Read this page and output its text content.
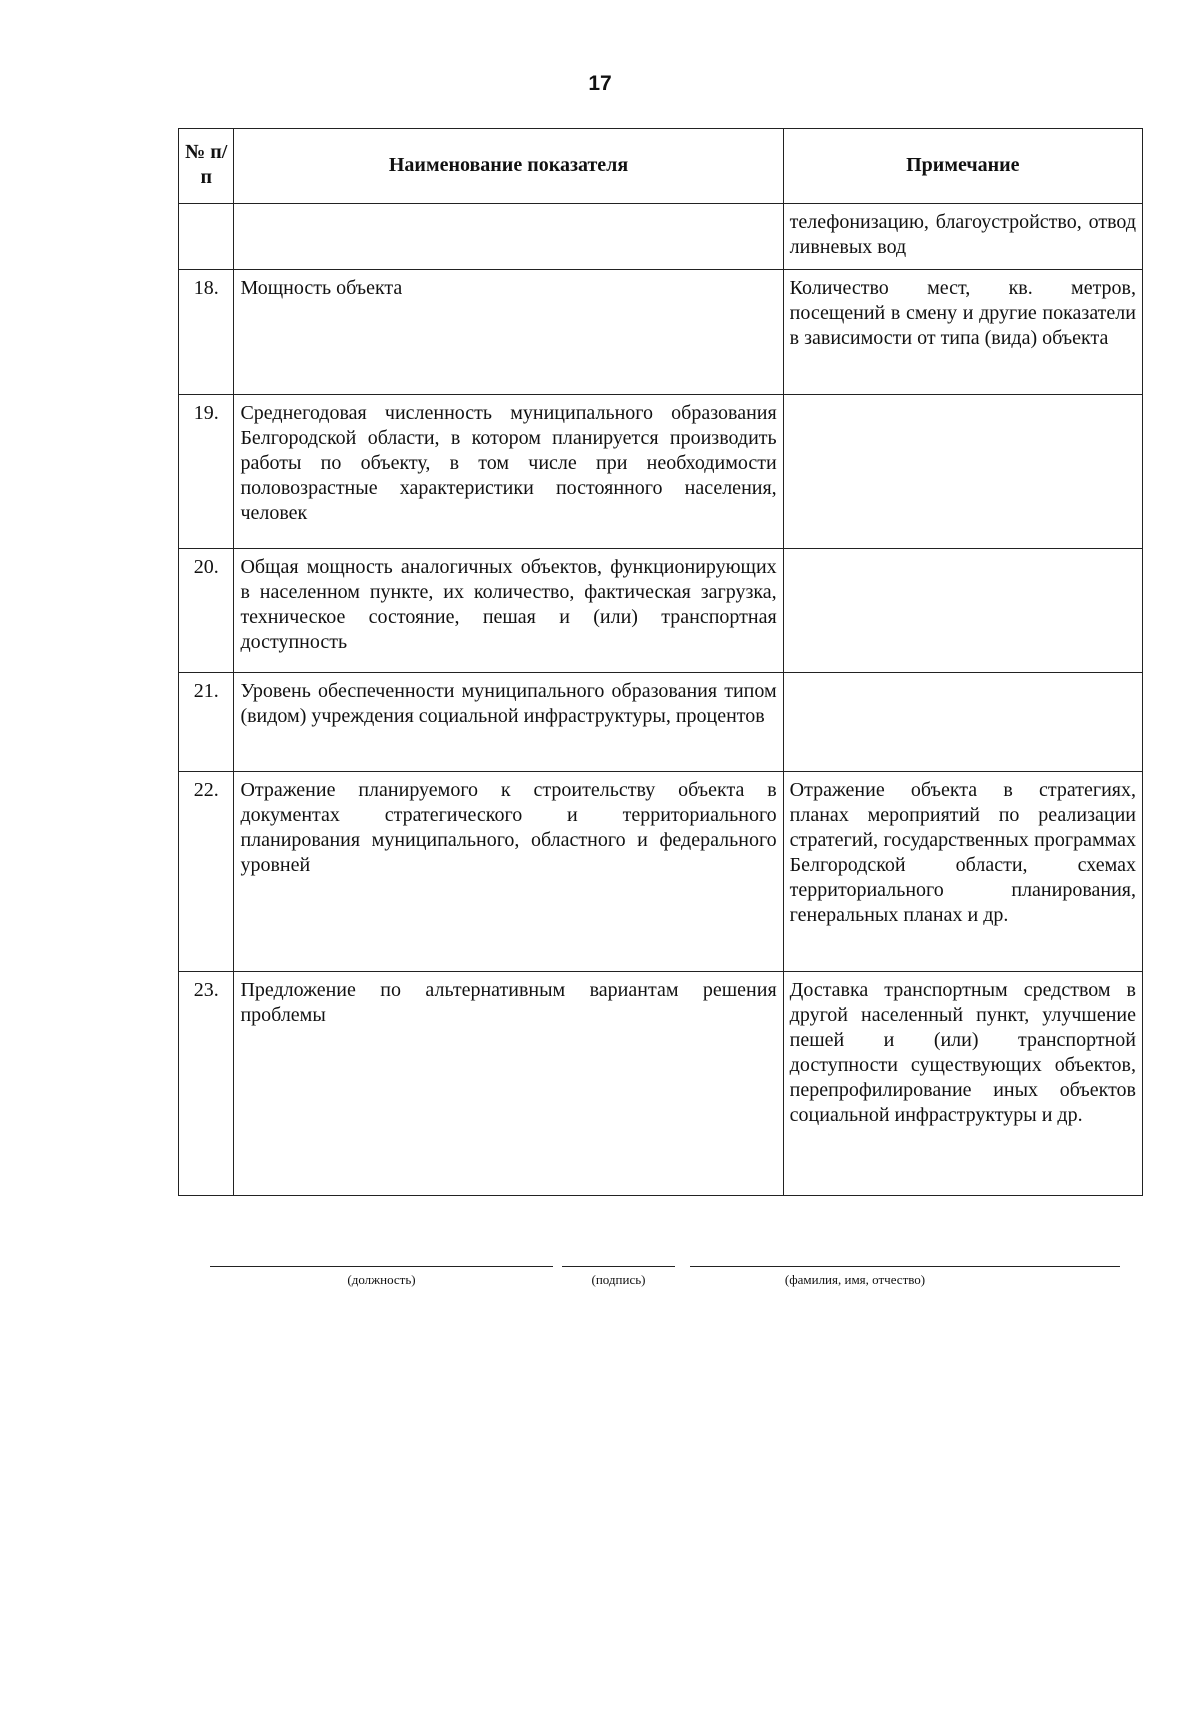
17
№ п/п	Наименование показателя	Примечание
		телефонизацию, благоустройство, отвод ливневых вод
18.	Мощность объекта	Количество мест, кв. метров, посещений в смену и другие показатели в зависимости от типа (вида) объекта
19.	Среднегодовая численность муниципального образования Белгородской области, в котором планируется производить работы по объекту, в том числе при необходимости половозрастные характеристики постоянного населения, человек	
20.	Общая мощность аналогичных объектов, функционирующих в населенном пункте, их количество, фактическая загрузка, техническое состояние, пешая и (или) транспортная доступность	
21.	Уровень обеспеченности муниципального образования типом (видом) учреждения социальной инфраструктуры, процентов	
22.	Отражение планируемого к строительству объекта в документах стратегического и территориального планирования муниципального, областного и федерального уровней	Отражение объекта в стратегиях, планах мероприятий по реализации стратегий, государственных программах Белгородской области, схемах территориального планирования, генеральных планах и др.
23.	Предложение по альтернативным вариантам решения проблемы	Доставка транспортным средством в другой населенный пункт, улучшение пешей и (или) транспортной доступности существующих объектов, перепрофилирование иных объектов социальной инфраструктуры и др.
(должность)	(подпись)	(фамилия, имя, отчество)
